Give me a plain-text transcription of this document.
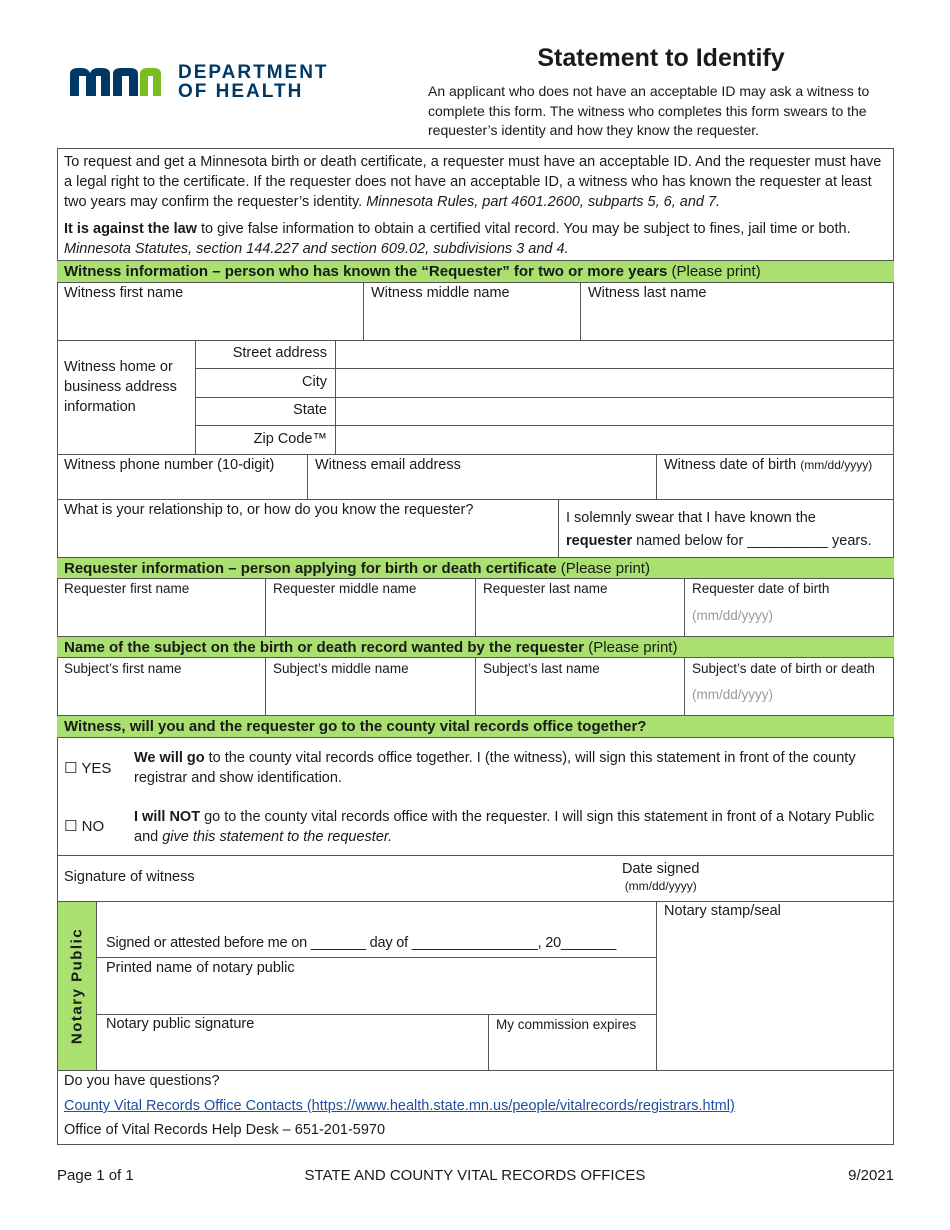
DEPARTMENT
OF HEALTH
Statement to Identify
An applicant who does not have an acceptable ID may ask a witness to complete this form. The witness who completes this form swears to the requester’s identity and how they know the requester.

To request and get a Minnesota birth or death certificate, a requester must have an acceptable ID. And the requester must have a legal right to the certificate. If the requester does not have an acceptable ID, a witness who has known the requester at least two years may confirm the requester’s identity. Minnesota Rules, part 4601.2600, subparts 5, 6, and 7.

It is against the law to give false information to obtain a certified vital record. You may be subject to fines, jail time or both.
Minnesota Statutes, section 144.227 and section 609.02, subdivisions 3 and 4.

Witness information – person who has known the “Requester” for two or more years (Please print)
Witness first name	Witness middle name	Witness last name
Witness home or business address information
Street address
City
State
Zip Code™
Witness phone number (10-digit)	Witness email address	Witness date of birth (mm/dd/yyyy)
What is your relationship to, or how do you know the requester?	I solemnly swear that I have known the
requester named below for __________ years.
Requester information – person applying for birth or death certificate (Please print)
Requester first name	Requester middle name	Requester last name	Requester date of birth
(mm/dd/yyyy)
Name of the subject on the birth or death record wanted by the requester (Please print)
Subject’s first name	Subject’s middle name	Subject’s last name	Subject’s date of birth or death
(mm/dd/yyyy)
Witness, will you and the requester go to the county vital records office together?
☐ YES
We will go to the county vital records office together. I (the witness), will sign this statement in front of the county registrar and show identification.
☐ NO
I will NOT go to the county vital records office with the requester. I will sign this statement in front of a Notary Public and give this statement to the requester.
Signature of witness	Date signed
(mm/dd/yyyy)
Notary Public Signed or attested before me on _______ day of ________________, 20_______
Printed name of notary public
Notary public signature	My commission expires
Notary stamp/seal
Do you have questions?
County Vital Records Office Contacts (https://www.health.state.mn.us/people/vitalrecords/registrars.html)
Office of Vital Records Help Desk – 651-201-5970
Page 1 of 1	STATE AND COUNTY VITAL RECORDS OFFICES	9/2021
